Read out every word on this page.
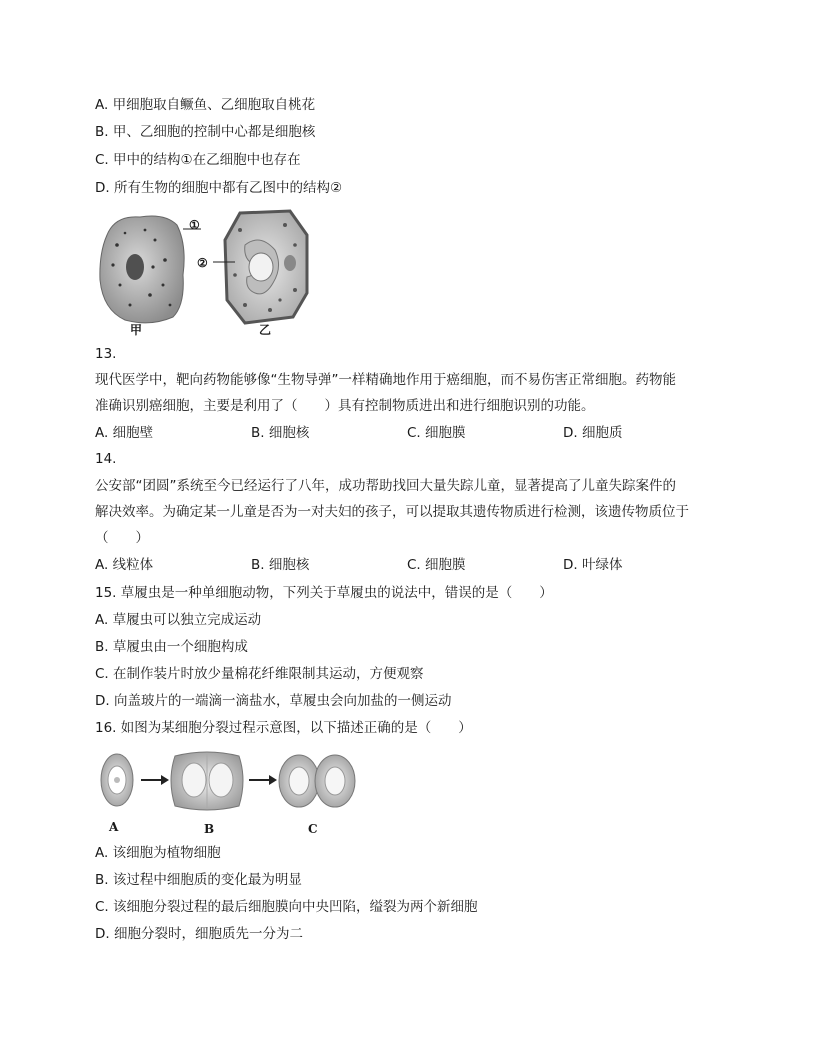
A. 甲细胞取自鳜鱼、乙细胞取自桃花
B. 甲、乙细胞的控制中心都是细胞核
C. 甲中的结构①在乙细胞中也存在
D. 所有生物的细胞中都有乙图中的结构②
①
②
甲	乙
13.
现代医学中，靶向药物能够像“生物导弹”一样精确地作用于癌细胞，而不易伤害正常细胞。药物能
准确识别癌细胞，主要是利用了（　　）具有控制物质进出和进行细胞识别的功能。
A. 细胞壁	B. 细胞核	C. 细胞膜	D. 细胞质
14.
公安部“团圆”系统至今已经运行了八年，成功帮助找回大量失踪儿童，显著提高了儿童失踪案件的
解决效率。为确定某一儿童是否为一对夫妇的孩子，可以提取其遗传物质进行检测，该遗传物质位于
（　　）
A. 线粒体	B. 细胞核	C. 细胞膜	D. 叶绿体
15. 草履虫是一种单细胞动物，下列关于草履虫的说法中，错误的是（　　）
A. 草履虫可以独立完成运动
B. 草履虫由一个细胞构成
C. 在制作装片时放少量棉花纤维限制其运动，方便观察
D. 向盖玻片的一端滴一滴盐水，草履虫会向加盐的一侧运动
16. 如图为某细胞分裂过程示意图，以下描述正确的是（　　）
A	B	C
A. 该细胞为植物细胞
B. 该过程中细胞质的变化最为明显
C. 该细胞分裂过程的最后细胞膜向中央凹陷，缢裂为两个新细胞
D. 细胞分裂时，细胞质先一分为二
